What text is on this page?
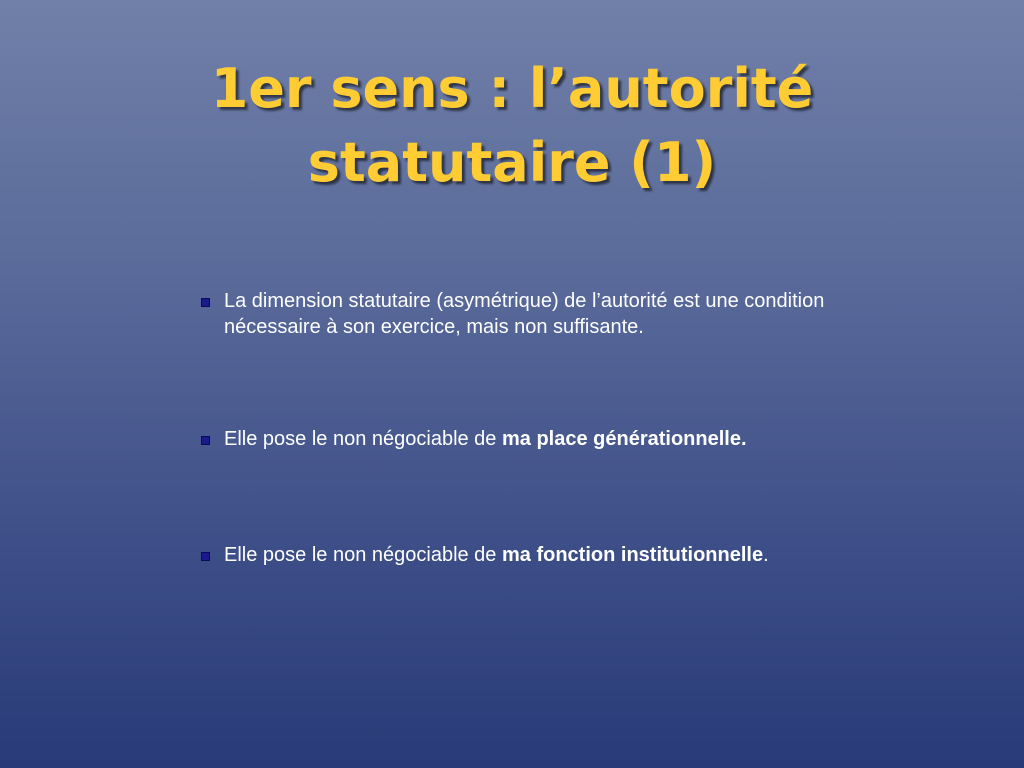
1er sens : l’autorité
statutaire (1)
La dimension statutaire (asymétrique) de l’autorité est une condition nécessaire à son exercice, mais non suffisante.
Elle pose le non négociable de ma place générationnelle.
Elle pose le non négociable de ma fonction institutionnelle.
